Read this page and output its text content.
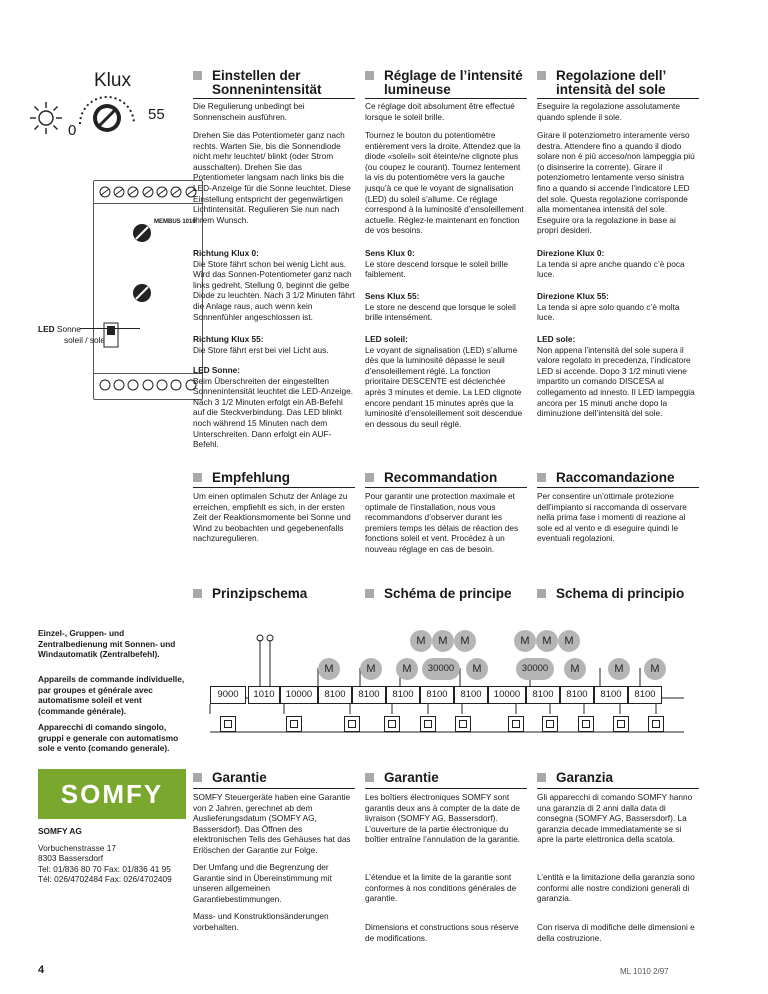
Klux
55
0
MEMBUS 1010
LED Sonne
soleil / sole
Einstellen der Sonnenintensität

Die Regulierung unbedingt bei Sonnenschein ausführen.

Drehen Sie das Potentiometer ganz nach rechts. Warten Sie, bis die Sonnendiode nicht mehr leuchtet/ blinkt (oder Strom ausschalten). Drehen Sie das Potentiometer langsam nach links bis die LED-Anzeige für die Sonne leuchtet. Diese Einstellung entspricht der gegenwärtigen Lichtintensität. Regulieren Sie nun nach Ihrem Wunsch.

Richtung Klux 0:

Die Store fährt schon bei wenig Licht aus. Wird das Sonnen-Potentiometer ganz nach links gedreht, Stellung 0, beginnt die gelbe Diode zu leuchten. Nach 3 1/2 Minuten fährt die Anlage raus, auch wenn kein Sonnenfühler angeschlossen ist.

Richtung Klux 55:

Die Store fährt erst bei viel Licht aus.

LED Sonne:

Beim Überschreiten der eingestellten Sonnenintensität leuchtet die LED-Anzeige. Nach 3 1/2 Minuten erfolgt ein AB-Befehl auf die Steckverbindung. Das LED blinkt noch während 15 Minuten nach dem Unterschreiten. Dann erfolgt ein AUF-Befehl.

Réglage de l’intensité lumineuse

Ce réglage doit absolument être effectué lorsque le soleil brille.

Tournez le bouton du potentiomètre entièrement vers la droite. Attendez que la diode «soleil» soit éteinte/ne clignote plus (ou coupez le courant). Tournez lentement la vis du potentiomètre vers la gauche jusqu’à ce que le voyant de signalisation (LED) du soleil s’allume. Ce réglage correspond à la luminosité d’ensoleillement actuelle. Réglez-le maintenant en fonction de vos besoins.

Sens Klux 0:

Le store descend lorsque le soleil brille faiblement.

Sens Klux 55:

Le store ne descend que lorsque le soleil brille intensément.

LED soleil:

Le voyant de signalisation (LED) s’allume dès que la luminosité dépasse le seuil d’ensoleillement réglé. La fonction prioritaire DESCENTE est déclenchée après 3 minutes et demie. La LED clignote encore pendant 15 minutes après que la luminosité d’ensoleillement soit descendue en dessous du seuil réglé.

Regolazione dell’ intensità del sole

Eseguire la regolazione assolutamente quando splende il sole.

Girare il potenziometro interamente verso destra. Attendere fino a quando il diodo solare non è più acceso/non lampeggia più (o disinserire la corrente). Girare il potenziometro lentamente verso sinistra fino a quando si accende l’indicatore LED del sole. Questa regolazione corrisponde alla momentanea intensità del sole. Eseguire ora la regolazione in base ai propri desideri.

Direzione Klux 0:

La tenda si apre anche quando c’è poca luce.

Direzione Klux 55:

La tenda si apre solo quando c’è molta luce.

LED sole:

Non appena l’intensità del sole supera il valore regolato in precedenza, l’indicatore LED si accende. Dopo 3 1/2 minuti viene impartito un comando DISCESA al collegamento ad innesto. Il LED lampeggia ancora per 15 minuti anche dopo la diminuzione dell’intensità del sole.

Empfehlung	Recommandation	Raccomandazione

Um einen optimalen Schutz der Anlage zu erreichen, empfiehlt es sich, in der ersten Zeit der Reaktionsmomente bei Sonne und Wind zu beobachten und gegebenenfalls nachzuregulieren.

Pour garantir une protection maximale et optimale de l’installation, nous vous recommandons d’observer durant les premiers temps les délais de réaction des fonctions soleil et vent. Procédez à un nouveau réglage en cas de besoin.

Per consentire un’ottimale protezione dell’impianto si raccomanda di osservare nella prima fase i momenti di reazione al sole ed al vento e di eseguire quindi le eventuali regolazioni.

Prinzipschema	Schéma de principe	Schema di principio
Einzel-, Gruppen- und Zentralbedienung mit Sonnen- und Windautomatik (Zentralbefehl).
Appareils de commande individuelle, par groupes et générale avec automatisme soleil et vent (commande générale).
Apparecchi di comando singolo, gruppi e generale con automatismo sole e vento (comando generale).
M	M	M	M	M	M
M	M	M	30000	M	30000	M	M	M
9000	1010	10000	8100	8100	8100	8100	8100	10000	8100	8100	8100	8100
SOMFY

SOMFY AG

Vorbuchenstrasse 17

8303 Bassersdorf

Tel: 01/836 80 70 Fax: 01/836 41 95

Tél: 026/4702484 Fax: 026/4702409

Garantie	Garantie	Garanzia

SOMFY Steuergeräte haben eine Garantie von 2 Jahren, gerechnet ab dem Auslieferungsdatum (SOMFY AG, Bassersdorf). Das Öffnen des elektronischen Teils des Gehäuses hat das Erlöschen der Garantie zur Folge.

Der Umfang und die Begrenzung der Garantie sind in Übereinstimmung mit unseren allgemeinen Garantiebestimmungen.

Mass- und Konstruktionsänderungen vorbehalten.

Les boîtiers électroniques SOMFY sont garantis deux ans à compter de la date de livraison (SOMFY AG, Bassersdorf). L’ouverture de la partie électronique du boîtier entraîne l’annulation de la garantie.

L’étendue et la limite de la garantie sont conformes à nos conditions générales de garantie.

Dimensions et constructions sous réserve de modifications.

Gli apparecchi di comando SOMFY hanno una garanzia di 2 anni dalla data di consegna (SOMFY AG, Bassersdorf). La garanzia decade immediatamente se si apre la parte elettronica della scatola.

L’entità e la limitazione della garanzia sono conformi alle nostre condizioni generali di garanzia.

Con riserva di modifiche delle dimensioni e della costruzione.

4	ML 1010 2/97
